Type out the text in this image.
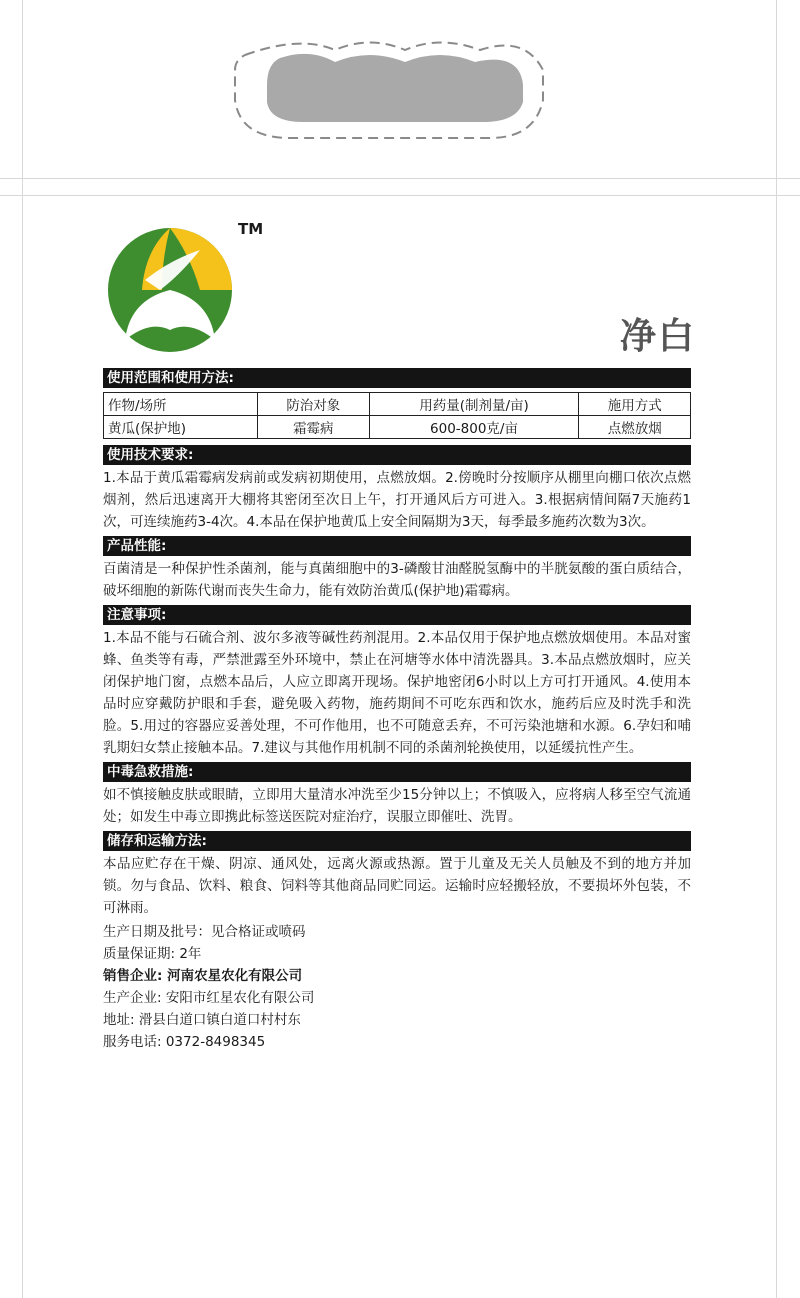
TM
净白
使用范围和使用方法:
作物/场所	防治对象	用药量(制剂量/亩)	施用方式
黄瓜(保护地)	霜霉病	600-800克/亩	点燃放烟
使用技术要求:

1.本品于黄瓜霜霉病发病前或发病初期使用，点燃放烟。2.傍晚时分按顺序从棚里向棚口依次点燃烟剂，然后迅速离开大棚将其密闭至次日上午，打开通风后方可进入。3.根据病情间隔7天施药1次，可连续施药3-4次。4.本品在保护地黄瓜上安全间隔期为3天，每季最多施药次数为3次。

产品性能:

百菌清是一种保护性杀菌剂，能与真菌细胞中的3-磷酸甘油醛脱氢酶中的半胱氨酸的蛋白质结合，破坏细胞的新陈代谢而丧失生命力，能有效防治黄瓜(保护地)霜霉病。

注意事项:

1.本品不能与石硫合剂、波尔多液等碱性药剂混用。2.本品仅用于保护地点燃放烟使用。本品对蜜蜂、鱼类等有毒，严禁泄露至外环境中，禁止在河塘等水体中清洗器具。3.本品点燃放烟时，应关闭保护地门窗，点燃本品后，人应立即离开现场。保护地密闭6小时以上方可打开通风。4.使用本品时应穿戴防护眼和手套，避免吸入药物，施药期间不可吃东西和饮水，施药后应及时洗手和洗脸。5.用过的容器应妥善处理，不可作他用，也不可随意丢弃，不可污染池塘和水源。6.孕妇和哺乳期妇女禁止接触本品。7.建议与其他作用机制不同的杀菌剂轮换使用，以延缓抗性产生。

中毒急救措施:

如不慎接触皮肤或眼睛，立即用大量清水冲洗至少15分钟以上；不慎吸入，应将病人移至空气流通处；如发生中毒立即携此标签送医院对症治疗，误服立即催吐、洗胃。

储存和运输方法:

本品应贮存在干燥、阴凉、通风处，远离火源或热源。置于儿童及无关人员触及不到的地方并加锁。勿与食品、饮料、粮食、饲料等其他商品同贮同运。运输时应轻搬轻放，不要损坏外包装，不可淋雨。

生产日期及批号：见合格证或喷码

质量保证期: 2年

销售企业: 河南农星农化有限公司

生产企业: 安阳市红星农化有限公司

地址: 滑县白道口镇白道口村村东

服务电话: 0372-8498345
